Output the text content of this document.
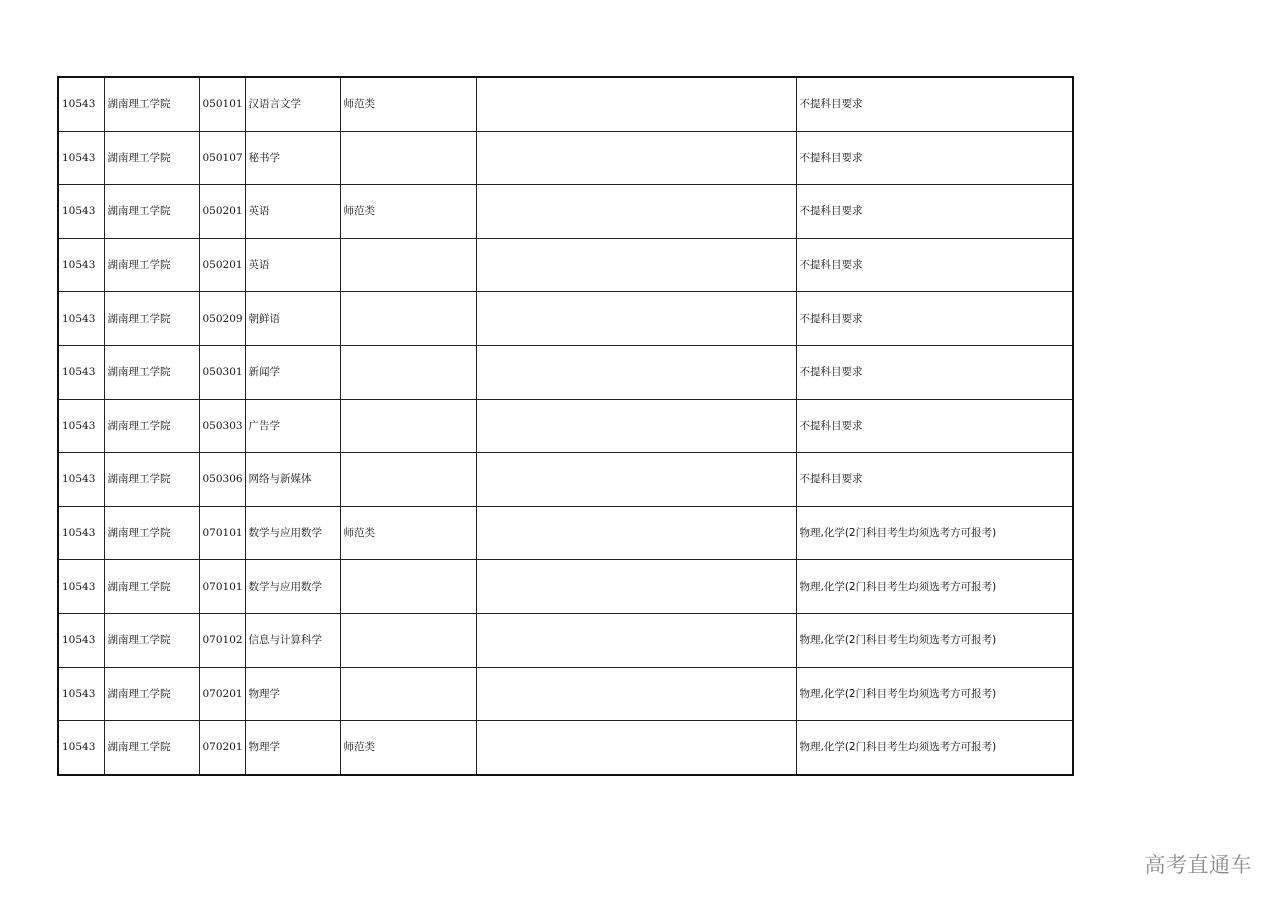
10543	湖南理工学院	050101	汉语言文学	师范类		不提科目要求
10543	湖南理工学院	050107	秘书学			不提科目要求
10543	湖南理工学院	050201	英语	师范类		不提科目要求
10543	湖南理工学院	050201	英语			不提科目要求
10543	湖南理工学院	050209	朝鲜语			不提科目要求
10543	湖南理工学院	050301	新闻学			不提科目要求
10543	湖南理工学院	050303	广告学			不提科目要求
10543	湖南理工学院	050306	网络与新媒体			不提科目要求
10543	湖南理工学院	070101	数学与应用数学	师范类		物理,化学(2门科目考生均须选考方可报考)
10543	湖南理工学院	070101	数学与应用数学			物理,化学(2门科目考生均须选考方可报考)
10543	湖南理工学院	070102	信息与计算科学			物理,化学(2门科目考生均须选考方可报考)
10543	湖南理工学院	070201	物理学			物理,化学(2门科目考生均须选考方可报考)
10543	湖南理工学院	070201	物理学	师范类		物理,化学(2门科目考生均须选考方可报考)
高考直通车
